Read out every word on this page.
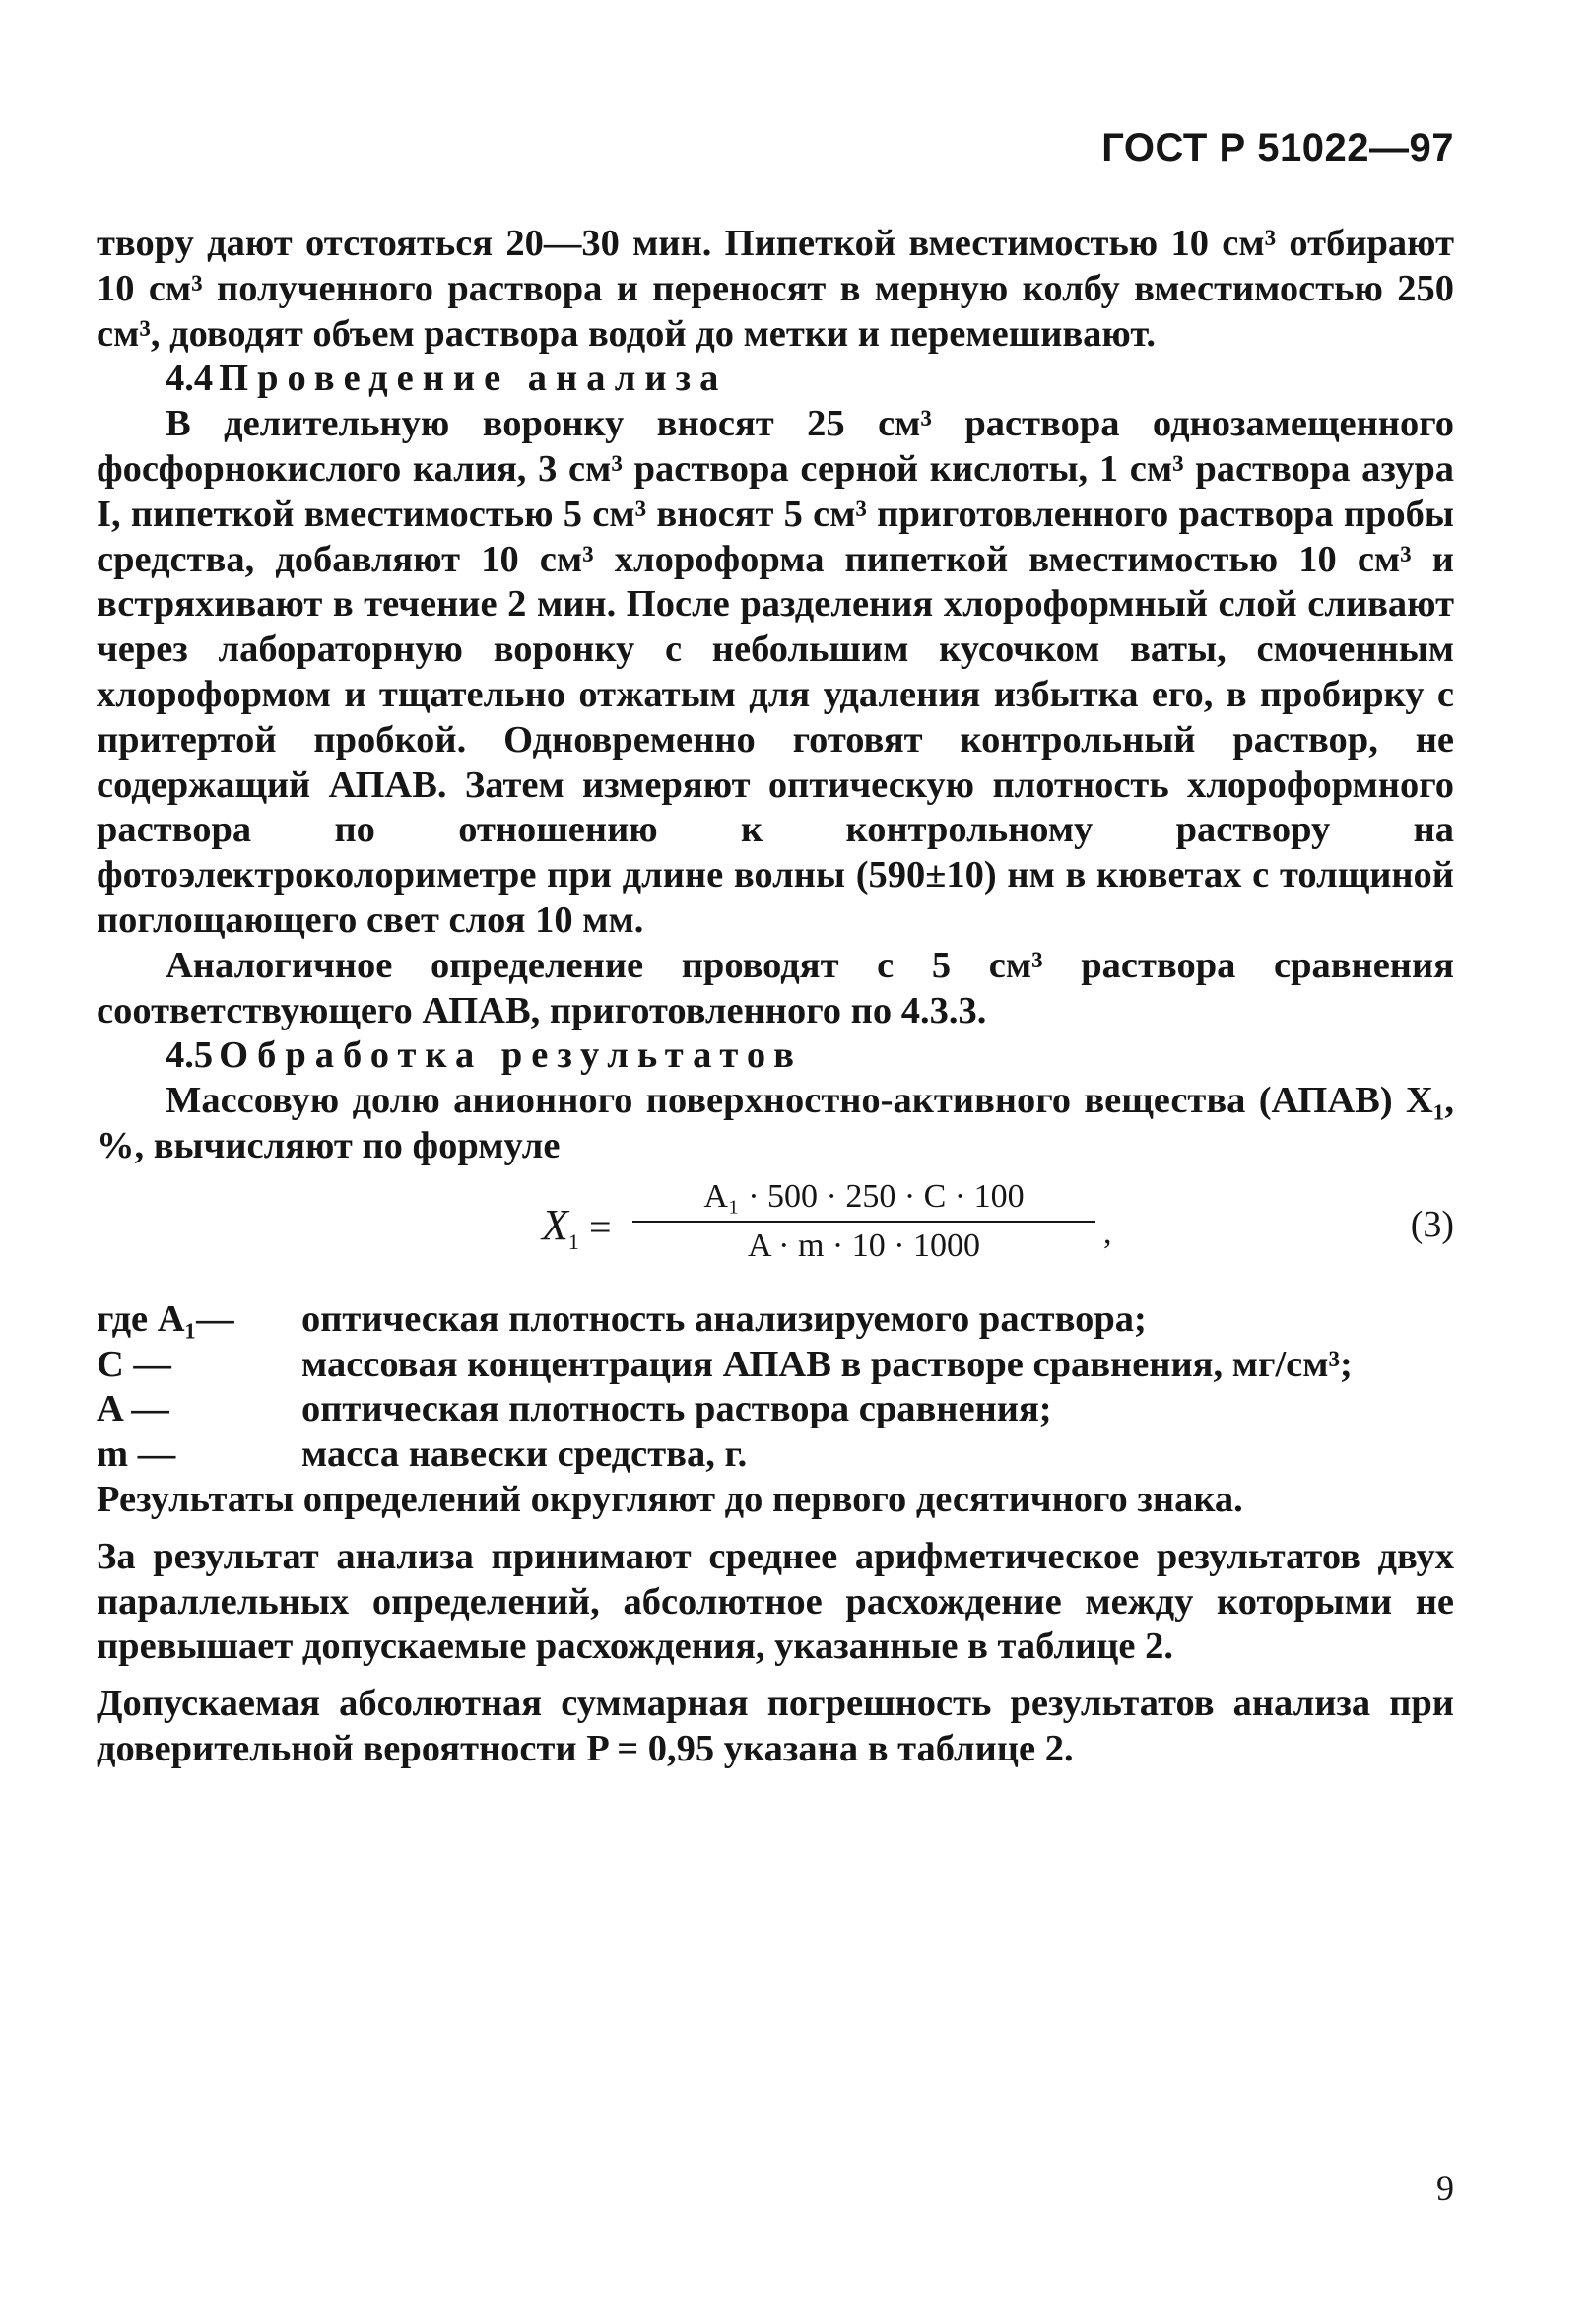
ГОСТ Р 51022—97

твору дают отстояться 20—30 мин. Пипеткой вместимостью 10 см³ отбирают 10 см³ полученного раствора и переносят в мерную колбу вместимостью 250 см³, доводят объем раствора водой до метки и перемешивают.

4.4 Проведение анализа

В делительную воронку вносят 25 см³ раствора однозамещенного фосфорнокислого калия, 3 см³ раствора серной кислоты, 1 см³ раствора азура I, пипеткой вместимостью 5 см³ вносят 5 см³ приготовленного раствора пробы средства, добавляют 10 см³ хлороформа пипеткой вместимостью 10 см³ и встряхивают в течение 2 мин. После разделения хлороформный слой сливают через лабораторную воронку с небольшим кусочком ваты, смоченным хлороформом и тщательно отжатым для удаления избытка его, в пробирку с притертой пробкой. Одновременно готовят контрольный раствор, не содержащий АПАВ. Затем измеряют оптическую плотность хлороформного раствора по отношению к контрольному раствору на фотоэлектроколориметре при длине волны (590±10) нм в кюветах с толщиной поглощающего свет слоя 10 мм.

Аналогичное определение проводят с 5 см³ раствора сравнения соответствующего АПАВ, приготовленного по 4.3.3.

4.5 Обработка результатов

Массовую долю анионного поверхностно-активного вещества (АПАВ) X₁, %, вычисляют по формуле

$X_1$ =
A₁ · 500 · 250 · C · 100
A · m · 10 · 1000	,	(3)
где A₁—	оптическая плотность анализируемого раствора;
C —	массовая концентрация АПАВ в растворе сравнения, мг/см³;
A —	оптическая плотность раствора сравнения;
m —	масса навески средства, г.

Результаты определений округляют до первого десятичного знака.

За результат анализа принимают среднее арифметическое результатов двух параллельных определений, абсолютное расхождение между которыми не превышает допускаемые расхождения, указанные в таблице 2.

Допускаемая абсолютная суммарная погрешность результатов анализа при доверительной вероятности P = 0,95 указана в таблице 2.

9
